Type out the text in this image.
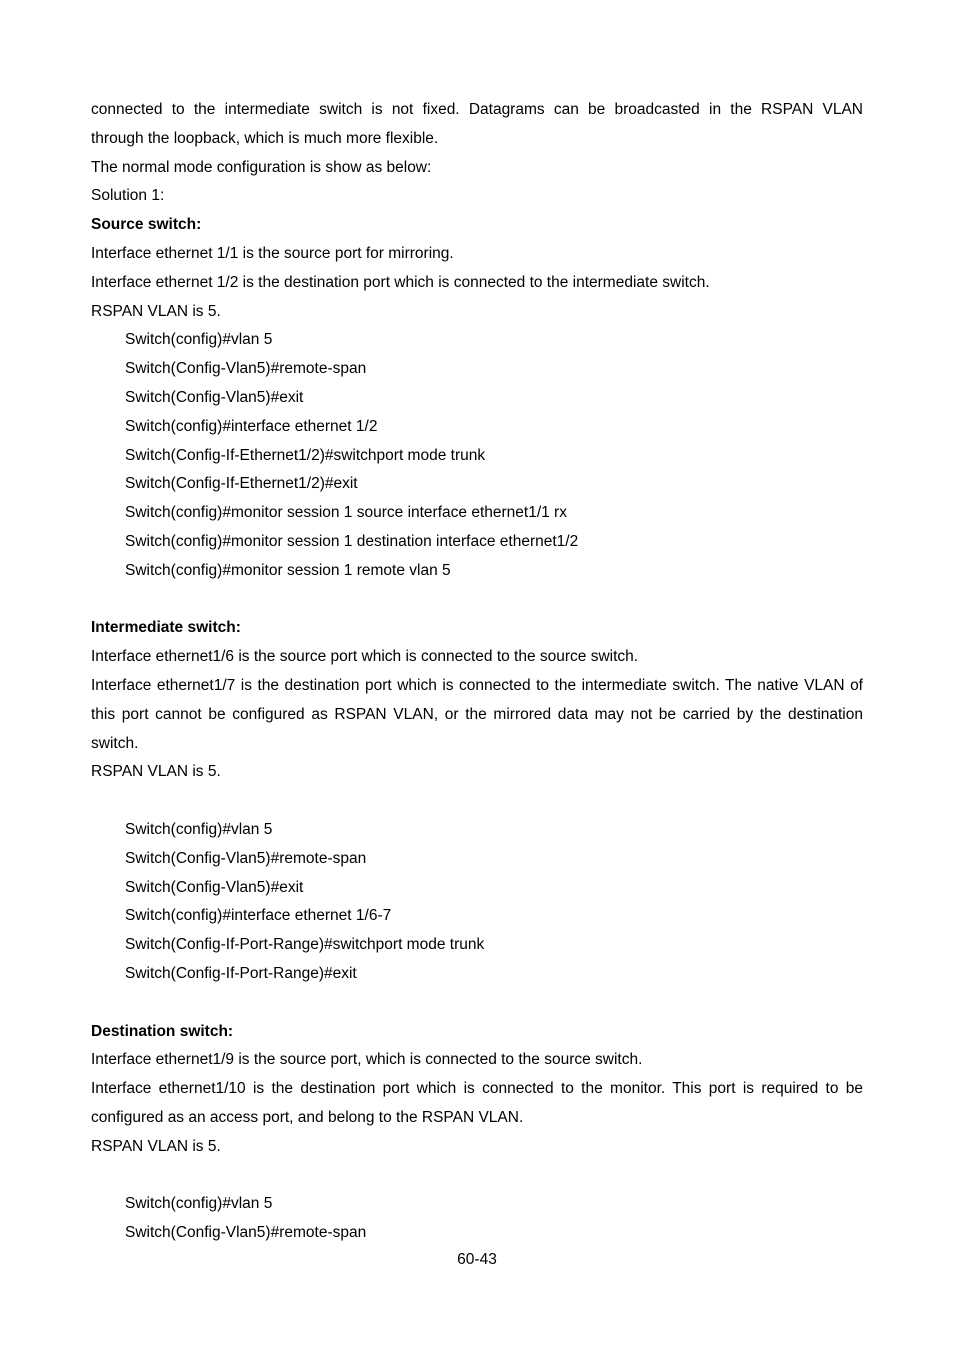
connected to the intermediate switch is not fixed. Datagrams can be broadcasted in the RSPAN VLAN
through the loopback, which is much more flexible.
The normal mode configuration is show as below:
Solution 1:
Source switch:
Interface ethernet 1/1 is the source port for mirroring.
Interface ethernet 1/2 is the destination port which is connected to the intermediate switch.
RSPAN VLAN is 5.
Switch(config)#vlan 5
Switch(Config-Vlan5)#remote-span
Switch(Config-Vlan5)#exit
Switch(config)#interface ethernet 1/2
Switch(Config-If-Ethernet1/2)#switchport mode trunk
Switch(Config-If-Ethernet1/2)#exit
Switch(config)#monitor session 1 source interface ethernet1/1 rx
Switch(config)#monitor session 1 destination interface ethernet1/2
Switch(config)#monitor session 1 remote vlan 5
Intermediate switch:
Interface ethernet1/6 is the source port which is connected to the source switch.
Interface ethernet1/7 is the destination port which is connected to the intermediate switch. The native VLAN of
this port cannot be configured as RSPAN VLAN, or the mirrored data may not be carried by the destination
switch.
RSPAN VLAN is 5.
Switch(config)#vlan 5
Switch(Config-Vlan5)#remote-span
Switch(Config-Vlan5)#exit
Switch(config)#interface ethernet 1/6-7
Switch(Config-If-Port-Range)#switchport mode trunk
Switch(Config-If-Port-Range)#exit
Destination switch:
Interface ethernet1/9 is the source port, which is connected to the source switch.
Interface ethernet1/10 is the destination port which is connected to the monitor. This port is required to be
configured as an access port, and belong to the RSPAN VLAN.
RSPAN VLAN is 5.
Switch(config)#vlan 5
Switch(Config-Vlan5)#remote-span
60-43
